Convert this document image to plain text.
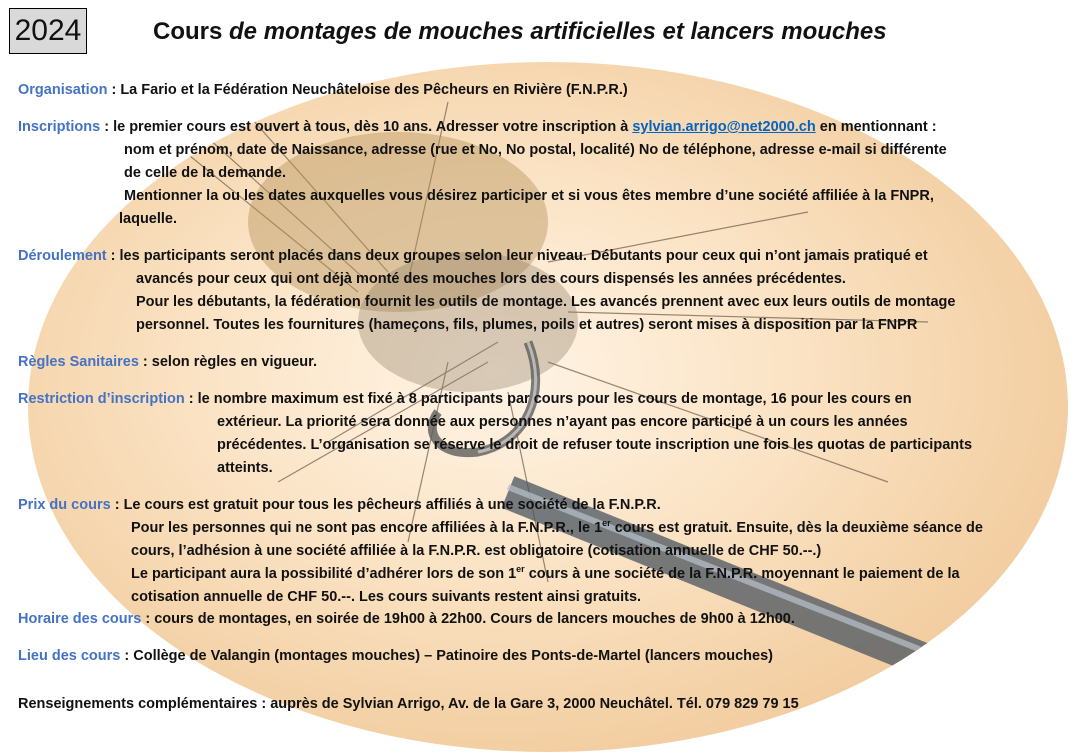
2024	Cours de montages de mouches artificielles et lancers mouches
Organisation : La Fario et la Fédération Neuchâteloise des Pêcheurs en Rivière (F.N.P.R.)
Inscriptions : le premier cours est ouvert à tous, dès 10 ans. Adresser votre inscription à sylvian.arrigo@net2000.ch en mentionnant :
nom et prénom, date de Naissance, adresse (rue et No, No postal, localité) No de téléphone, adresse e-mail si différente
de celle de la demande.
Mentionner la ou les dates auxquelles vous désirez participer et si vous êtes membre d’une société affiliée à la FNPR,
laquelle.
Déroulement : les participants seront placés dans deux groupes selon leur niveau. Débutants pour ceux qui n’ont jamais pratiqué et
avancés pour ceux qui ont déjà monté des mouches lors des cours dispensés les années précédentes.
Pour les débutants, la fédération fournit les outils de montage. Les avancés prennent avec eux leurs outils de montage
personnel. Toutes les fournitures (hameçons, fils, plumes, poils et autres) seront mises à disposition par la FNPR
Règles Sanitaires : selon règles en vigueur.
Restriction d’inscription : le nombre maximum est fixé à 8 participants par cours pour les cours de montage, 16 pour les cours en
extérieur. La priorité sera donnée aux personnes n’ayant pas encore participé à un cours les années
précédentes. L’organisation se réserve le droit de refuser toute inscription une fois les quotas de participants
atteints.
Prix du cours : Le cours est gratuit pour tous les pêcheurs affiliés à une société de la F.N.P.R.
Pour les personnes qui ne sont pas encore affiliées à la F.N.P.R., le 1er cours est gratuit. Ensuite, dès la deuxième séance de
cours, l’adhésion à une société affiliée à la F.N.P.R. est obligatoire (cotisation annuelle de CHF 50.--.)
Le participant aura la possibilité d’adhérer lors de son 1er cours à une société de la F.N.P.R. moyennant le paiement de la
cotisation annuelle de CHF 50.--. Les cours suivants restent ainsi gratuits.
Horaire des cours : cours de montages, en soirée de 19h00 à 22h00. Cours de lancers mouches de 9h00 à 12h00.
Lieu des cours : Collège de Valangin (montages mouches) – Patinoire des Ponts-de-Martel (lancers mouches)
Renseignements complémentaires : auprès de Sylvian Arrigo, Av. de la Gare 3, 2000 Neuchâtel. Tél. 079 829 79 15
